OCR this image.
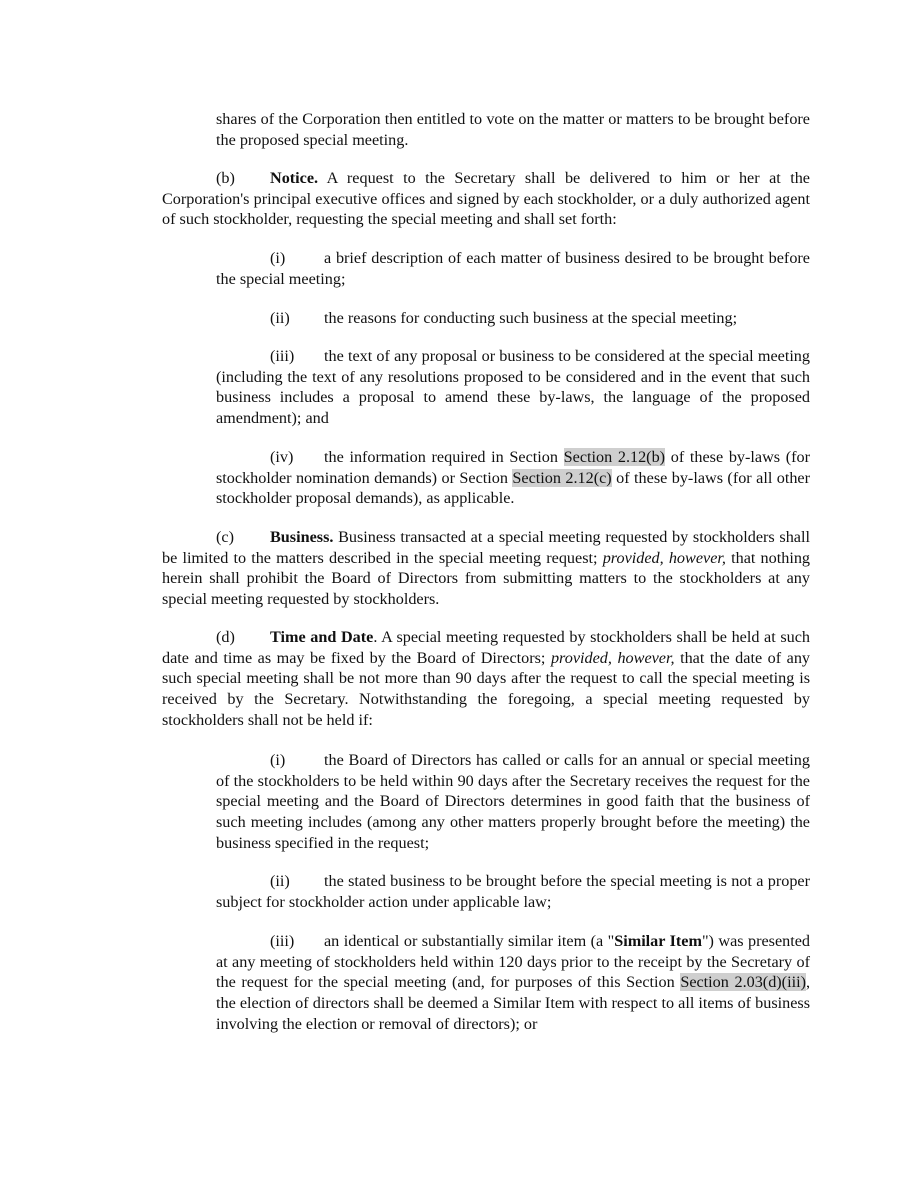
shares of the Corporation then entitled to vote on the matter or matters to be brought before the proposed special meeting.

(b) Notice. A request to the Secretary shall be delivered to him or her at the Corporation's principal executive offices and signed by each stockholder, or a duly authorized agent of such stockholder, requesting the special meeting and shall set forth:

(i) a brief description of each matter of business desired to be brought before the special meeting;

(ii) the reasons for conducting such business at the special meeting;

(iii) the text of any proposal or business to be considered at the special meeting (including the text of any resolutions proposed to be considered and in the event that such business includes a proposal to amend these by-laws, the language of the proposed amendment); and

(iv) the information required in Section Section 2.12(b) of these by-laws (for stockholder nomination demands) or Section Section 2.12(c) of these by-laws (for all other stockholder proposal demands), as applicable.

(c) Business. Business transacted at a special meeting requested by stockholders shall be limited to the matters described in the special meeting request; provided, however, that nothing herein shall prohibit the Board of Directors from submitting matters to the stockholders at any special meeting requested by stockholders.

(d) Time and Date. A special meeting requested by stockholders shall be held at such date and time as may be fixed by the Board of Directors; provided, however, that the date of any such special meeting shall be not more than 90 days after the request to call the special meeting is received by the Secretary. Notwithstanding the foregoing, a special meeting requested by stockholders shall not be held if:

(i) the Board of Directors has called or calls for an annual or special meeting of the stockholders to be held within 90 days after the Secretary receives the request for the special meeting and the Board of Directors determines in good faith that the business of such meeting includes (among any other matters properly brought before the meeting) the business specified in the request;

(ii) the stated business to be brought before the special meeting is not a proper subject for stockholder action under applicable law;

(iii) an identical or substantially similar item (a "Similar Item") was presented at any meeting of stockholders held within 120 days prior to the receipt by the Secretary of the request for the special meeting (and, for purposes of this Section Section 2.03(d)(iii), the election of directors shall be deemed a Similar Item with respect to all items of business involving the election or removal of directors); or
